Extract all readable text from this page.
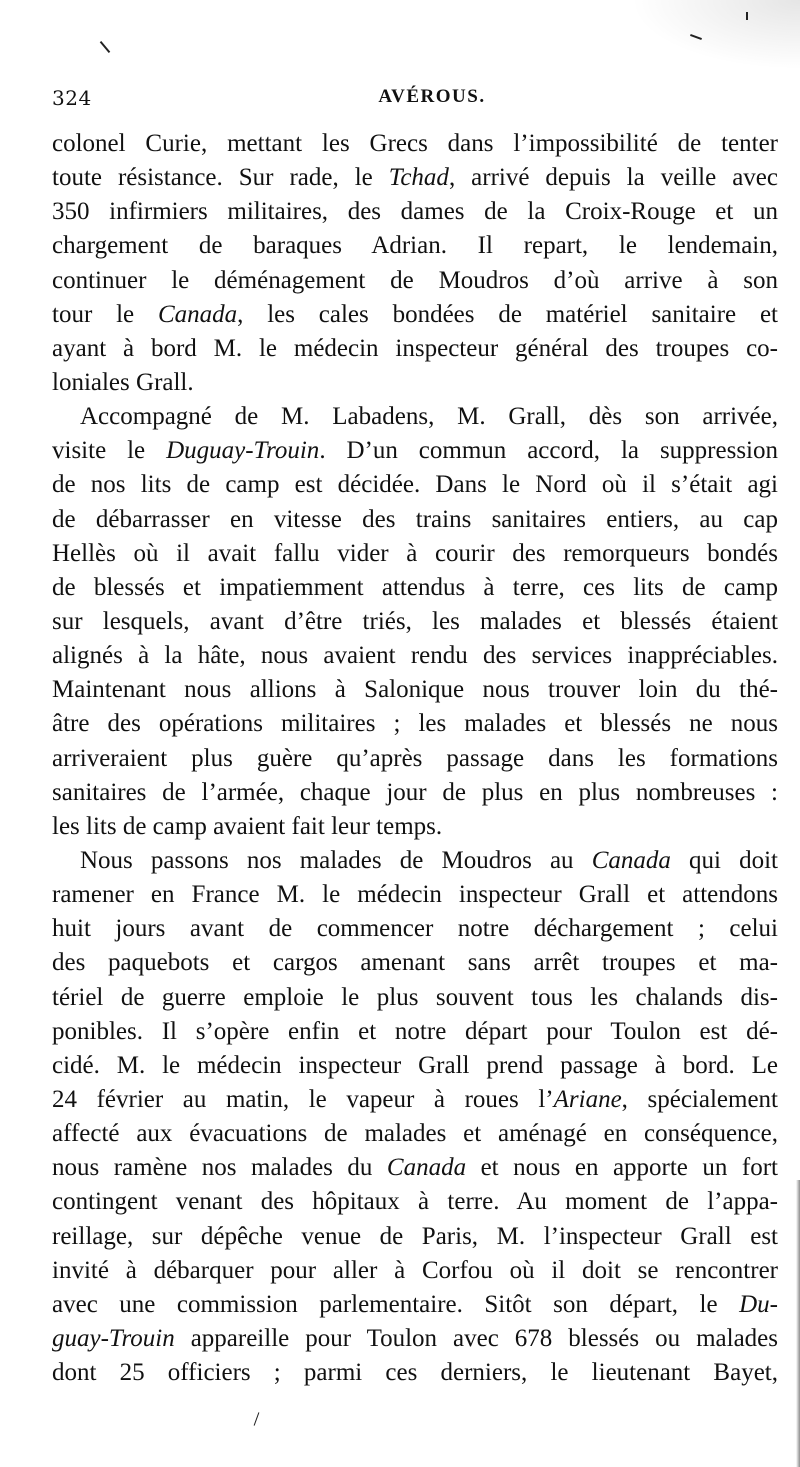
324	AVÉROUS.
colonel Curie, mettant les Grecs dans l’impossibilité de tenter
toute résistance. Sur rade, le Tchad, arrivé depuis la veille avec
350 infirmiers militaires, des dames de la Croix-Rouge et un
chargement de baraques Adrian. Il repart, le lendemain,
continuer le déménagement de Moudros d’où arrive à son
tour le Canada, les cales bondées de matériel sanitaire et
ayant à bord M. le médecin inspecteur général des troupes co-
loniales Grall.
Accompagné de M. Labadens, M. Grall, dès son arrivée,
visite le Duguay-Trouin. D’un commun accord, la suppression
de nos lits de camp est décidée. Dans le Nord où il s’était agi
de débarrasser en vitesse des trains sanitaires entiers, au cap
Hellès où il avait fallu vider à courir des remorqueurs bondés
de blessés et impatiemment attendus à terre, ces lits de camp
sur lesquels, avant d’être triés, les malades et blessés étaient
alignés à la hâte, nous avaient rendu des services inappréciables.
Maintenant nous allions à Salonique nous trouver loin du thé-
âtre des opérations militaires ; les malades et blessés ne nous
arriveraient plus guère qu’après passage dans les formations
sanitaires de l’armée, chaque jour de plus en plus nombreuses :
les lits de camp avaient fait leur temps.
Nous passons nos malades de Moudros au Canada qui doit
ramener en France M. le médecin inspecteur Grall et attendons
huit jours avant de commencer notre déchargement ; celui
des paquebots et cargos amenant sans arrêt troupes et ma-
tériel de guerre emploie le plus souvent tous les chalands dis-
ponibles. Il s’opère enfin et notre départ pour Toulon est dé-
cidé. M. le médecin inspecteur Grall prend passage à bord. Le
24 février au matin, le vapeur à roues l’Ariane, spécialement
affecté aux évacuations de malades et aménagé en conséquence,
nous ramène nos malades du Canada et nous en apporte un fort
contingent venant des hôpitaux à terre. Au moment de l’appa-
reillage, sur dépêche venue de Paris, M. l’inspecteur Grall est
invité à débarquer pour aller à Corfou où il doit se rencontrer
avec une commission parlementaire. Sitôt son départ, le Du-
guay-Trouin appareille pour Toulon avec 678 blessés ou malades
dont 25 officiers ; parmi ces derniers, le lieutenant Bayet,
